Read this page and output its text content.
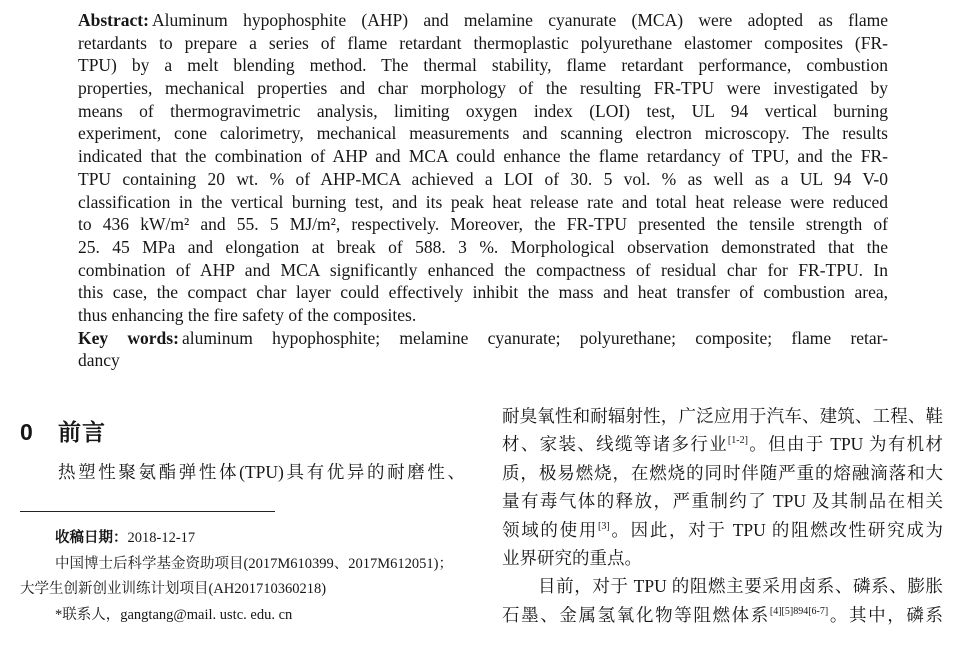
Abstract: Aluminum hypophosphite (AHP) and melamine cyanurate (MCA) were adopted as flame
retardants to prepare a series of flame retardant thermoplastic polyurethane elastomer composites (FR-
TPU) by a melt blending method. The thermal stability, flame retardant performance, combustion
properties, mechanical properties and char morphology of the resulting FR-TPU were investigated by
means of thermogravimetric analysis, limiting oxygen index (LOI) test, UL 94 vertical burning
experiment, cone calorimetry, mechanical measurements and scanning electron microscopy. The results
indicated that the combination of AHP and MCA could enhance the flame retardancy of TPU, and the FR-
TPU containing 20 wt. % of AHP-MCA achieved a LOI of 30. 5 vol. % as well as a UL 94 V-0
classification in the vertical burning test, and its peak heat release rate and total heat release were reduced
to 436 kW/m² and 55. 5 MJ/m², respectively. Moreover, the FR-TPU presented the tensile strength of
25. 45 MPa and elongation at break of 588. 3 %. Morphological observation demonstrated that the
combination of AHP and MCA significantly enhanced the compactness of residual char for FR-TPU. In
this case, the compact char layer could effectively inhibit the mass and heat transfer of combustion area,
thus enhancing the fire safety of the composites.
Key words: aluminum hypophosphite; melamine cyanurate; polyurethane; composite; flame retar-
dancy
0 前言
热塑性聚氨酯弹性体(TPU)具有优异的耐磨性、
收稿日期：2018-12-17
中国博士后科学基金资助项目(2017M610399、2017M612051)；
大学生创新创业训练计划项目(AH201710360218)
*联系人，gangtang@mail. ustc. edu. cn
耐臭氧性和耐辐射性，广泛应用于汽车、建筑、工程、鞋
材、家装、线缆等诸多行业[1-2]。但由于 TPU 为有机材
质，极易燃烧，在燃烧的同时伴随严重的熔融滴落和大
量有毒气体的释放，严重制约了 TPU 及其制品在相关
领域的使用[3]。因此，对于 TPU 的阻燃改性研究成为
业界研究的重点。
目前，对于 TPU 的阻燃主要采用卤系、磷系、膨胀
石墨、金属氢氧化物等阻燃体系[4][5]894[6-7]。其中，磷系
